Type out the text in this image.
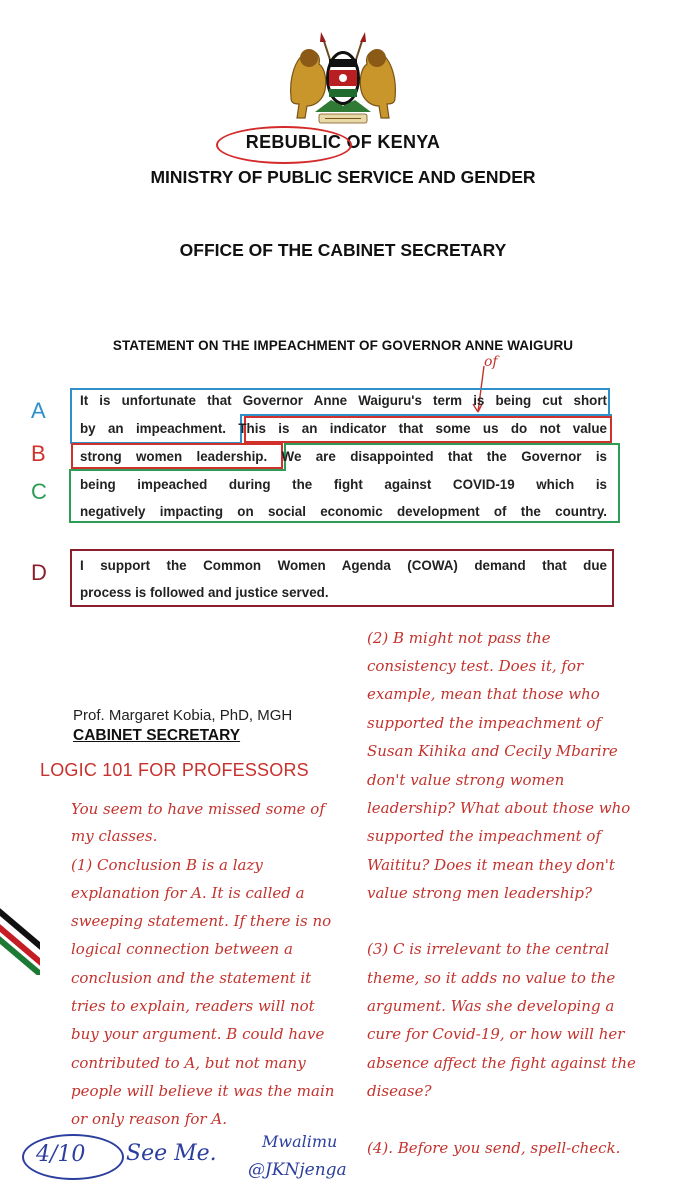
REBUBLIC OF KENYA
MINISTRY OF PUBLIC SERVICE AND GENDER
OFFICE OF THE CABINET SECRETARY
STATEMENT ON THE IMPEACHMENT OF GOVERNOR ANNE WAIGURU
of
A
B
C
D
It is unfortunate that Governor Anne Waiguru's term is being cut short
by an impeachment. This is an indicator that some us do not value
strong women leadership. We are disappointed that the Governor is
being impeached during the fight against COVID-19 which is
negatively impacting on social economic development of the country.
I support the Common Women Agenda (COWA) demand that due
process is followed and justice served.
Prof. Margaret Kobia, PhD, MGH
CABINET SECRETARY
LOGIC 101 FOR PROFESSORS
You seem to have missed some of
my classes.
(1) Conclusion B is a lazy
explanation for A. It is called a
sweeping statement. If there is no
logical connection between a
conclusion and the statement it
tries to explain, readers will not
buy your argument. B could have
contributed to A, but not many
people will believe it was the main
or only reason for A.
(2) B might not pass the
consistency test. Does it, for
example, mean that those who
supported the impeachment of
Susan Kihika and Cecily Mbarire
don't value strong women
leadership? What about those who
supported the impeachment of
Waititu? Does it mean they don't
value strong men leadership?
(3) C is irrelevant to the central
theme, so it adds no value to the
argument. Was she developing a
cure for Covid-19, or how will her
absence affect the fight against the
disease?
(4). Before you send, spell-check.
4/10 See Me.	Mwalimu
@JKNjenga
